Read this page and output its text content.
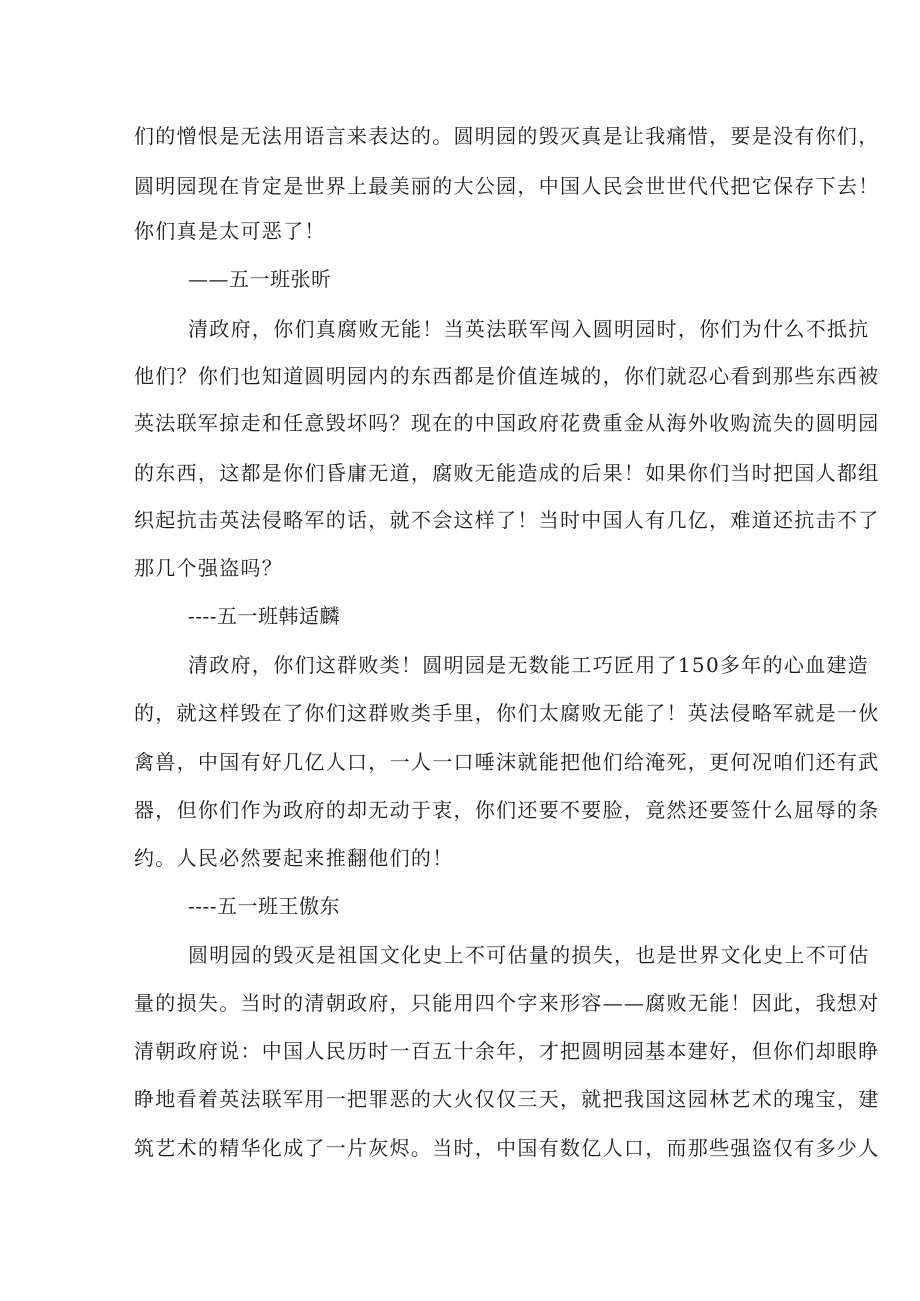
们的憎恨是无法用语言来表达的。圆明园的毁灭真是让我痛惜，要是没有你们，
圆明园现在肯定是世界上最美丽的大公园，中国人民会世世代代把它保存下去！
你们真是太可恶了！
——五一班张昕
清政府，你们真腐败无能！当英法联军闯入圆明园时，你们为什么不抵抗
他们？你们也知道圆明园内的东西都是价值连城的，你们就忍心看到那些东西被
英法联军掠走和任意毁坏吗？现在的中国政府花费重金从海外收购流失的圆明园
的东西，这都是你们昏庸无道，腐败无能造成的后果！如果你们当时把国人都组
织起抗击英法侵略军的话，就不会这样了！当时中国人有几亿，难道还抗击不了
那几个强盗吗？
----五一班韩适麟
清政府，你们这群败类！圆明园是无数能工巧匠用了150多年的心血建造
的，就这样毁在了你们这群败类手里，你们太腐败无能了！英法侵略军就是一伙
禽兽，中国有好几亿人口，一人一口唾沫就能把他们给淹死，更何况咱们还有武
器，但你们作为政府的却无动于衷，你们还要不要脸，竟然还要签什么屈辱的条
约。人民必然要起来推翻他们的！
----五一班王傲东
圆明园的毁灭是祖国文化史上不可估量的损失，也是世界文化史上不可估
量的损失。当时的清朝政府，只能用四个字来形容——腐败无能！因此，我想对
清朝政府说：中国人民历时一百五十余年，才把圆明园基本建好，但你们却眼睁
睁地看着英法联军用一把罪恶的大火仅仅三天，就把我国这园林艺术的瑰宝，建
筑艺术的精华化成了一片灰烬。当时，中国有数亿人口，而那些强盗仅有多少人
